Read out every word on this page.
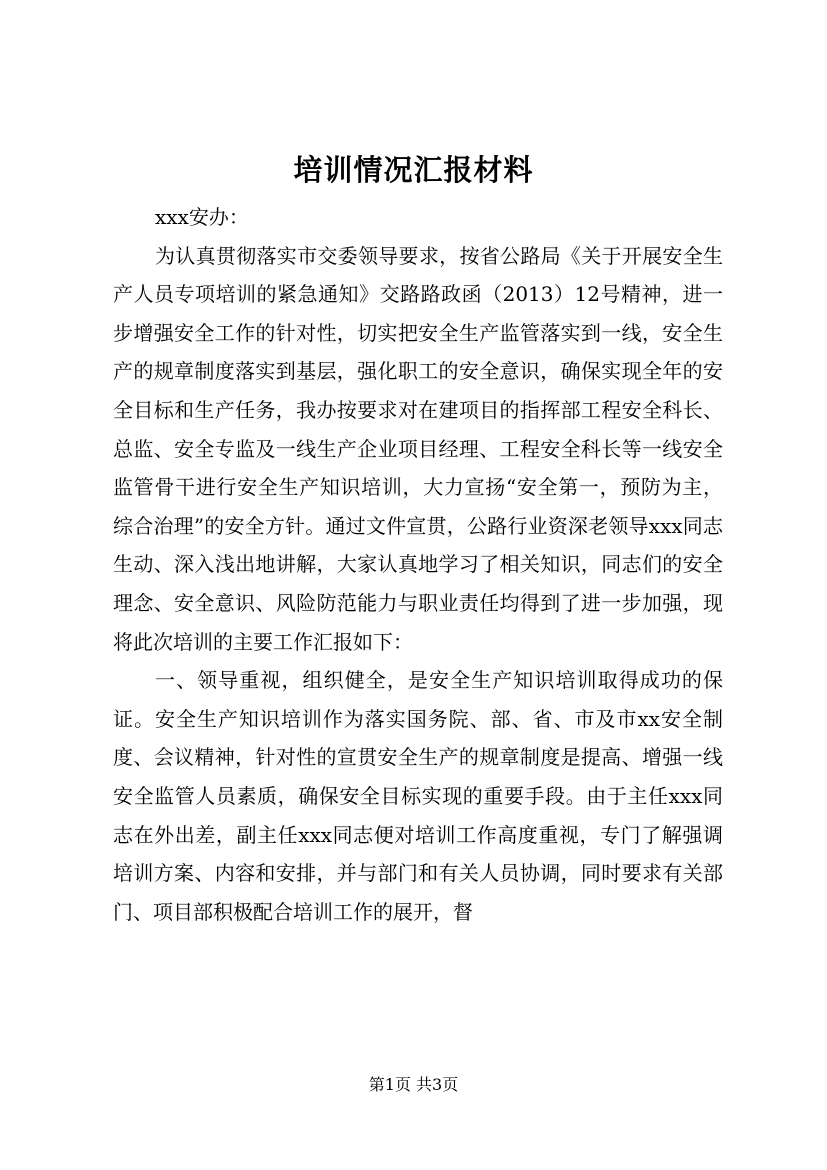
培训情况汇报材料

xxx安办：

为认真贯彻落实市交委领导要求，按省公路局《关于开展安全生产人员专项培训的紧急通知》交路路政函（2013）12号精神，进一步增强安全工作的针对性，切实把安全生产监管落实到一线，安全生产的规章制度落实到基层，强化职工的安全意识，确保实现全年的安全目标和生产任务，我办按要求对在建项目的指挥部工程安全科长、总监、安全专监及一线生产企业项目经理、工程安全科长等一线安全监管骨干进行安全生产知识培训，大力宣扬“安全第一，预防为主，综合治理”的安全方针。通过文件宣贯，公路行业资深老领导xxx同志生动、深入浅出地讲解，大家认真地学习了相关知识，同志们的安全理念、安全意识、风险防范能力与职业责任均得到了进一步加强，现将此次培训的主要工作汇报如下：

一、领导重视，组织健全，是安全生产知识培训取得成功的保证。安全生产知识培训作为落实国务院、部、省、市及市xx安全制度、会议精神，针对性的宣贯安全生产的规章制度是提高、增强一线安全监管人员素质，确保安全目标实现的重要手段。由于主任xxx同志在外出差，副主任xxx同志便对培训工作高度重视，专门了解强调培训方案、内容和安排，并与部门和有关人员协调，同时要求有关部门、项目部积极配合培训工作的展开，督

第1页 共3页
